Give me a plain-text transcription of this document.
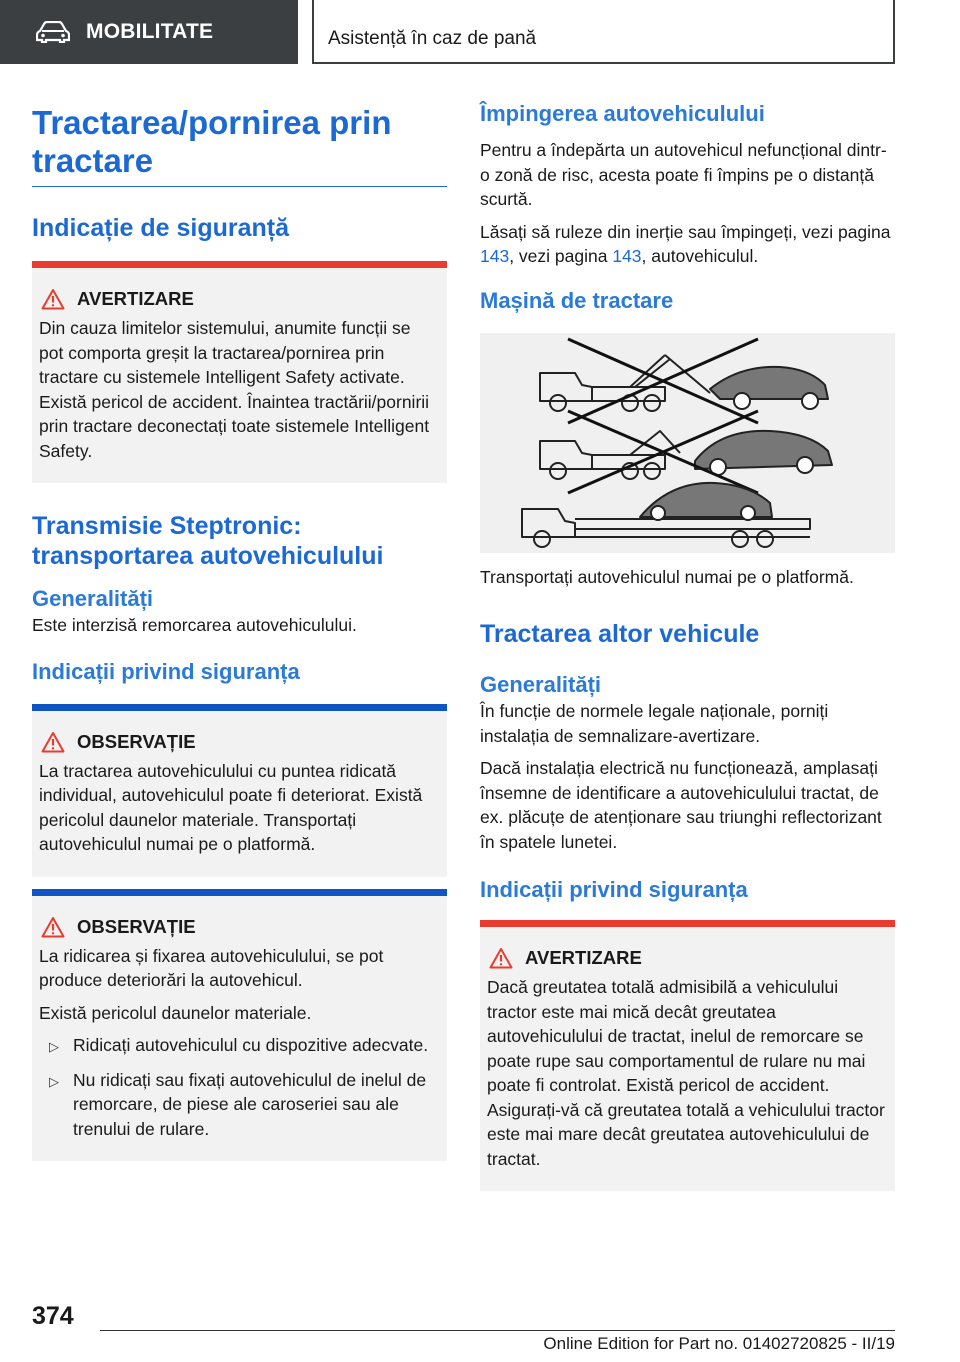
MOBILITATE	Asistență în caz de pană
Tractarea/pornirea prin tractare
Indicație de siguranță
AVERTIZARE

Din cauza limitelor sistemului, anumite funcții se pot comporta greșit la tractarea/pornirea prin tractare cu sistemele Intelligent Safety activate. Există pericol de accident. Înaintea tractării/pornirii prin tractare deconectați toate sistemele Intelligent Safety.

Transmisie Steptronic: transportarea autovehiculului
Generalități

Este interzisă remorcarea autovehiculului.

Indicații privind siguranța
OBSERVAȚIE

La tractarea autovehiculului cu puntea ridicată individual, autovehiculul poate fi deteriorat. Există pericolul daunelor materiale. Transportați autovehiculul numai pe o platformă.

OBSERVAȚIE

La ridicarea și fixarea autovehiculului, se pot produce deteriorări la autovehicul.

Există pericolul daunelor materiale.

▷ Ridicați autovehiculul cu dispozitive adecvate.
▷ Nu ridicați sau fixați autovehiculul de inelul de remorcare, de piese ale caroseriei sau ale trenului de rulare.
Împingerea autovehiculului

Pentru a îndepărta un autovehicul nefuncțional dintr-o zonă de risc, acesta poate fi împins pe o distanță scurtă.

Lăsați să ruleze din inerție sau împingeți, vezi pagina 143, vezi pagina 143, autovehiculul.

Mașină de tractare

Transportați autovehiculul numai pe o platformă.

Tractarea altor vehicule
Generalități

În funcție de normele legale naționale, porniți instalația de semnalizare-avertizare.

Dacă instalația electrică nu funcționează, amplasați însemne de identificare a autovehiculului tractat, de ex. plăcuțe de atenționare sau triunghi reflectorizant în spatele lunetei.

Indicații privind siguranța
AVERTIZARE

Dacă greutatea totală admisibilă a vehiculului tractor este mai mică decât greutatea autovehiculului de tractat, inelul de remorcare se poate rupe sau comportamentul de rulare nu mai poate fi controlat. Există pericol de accident. Asigurați-vă că greutatea totală a vehiculului tractor este mai mare decât greutatea autovehiculului de tractat.

374
Online Edition for Part no. 01402720825 - II/19
